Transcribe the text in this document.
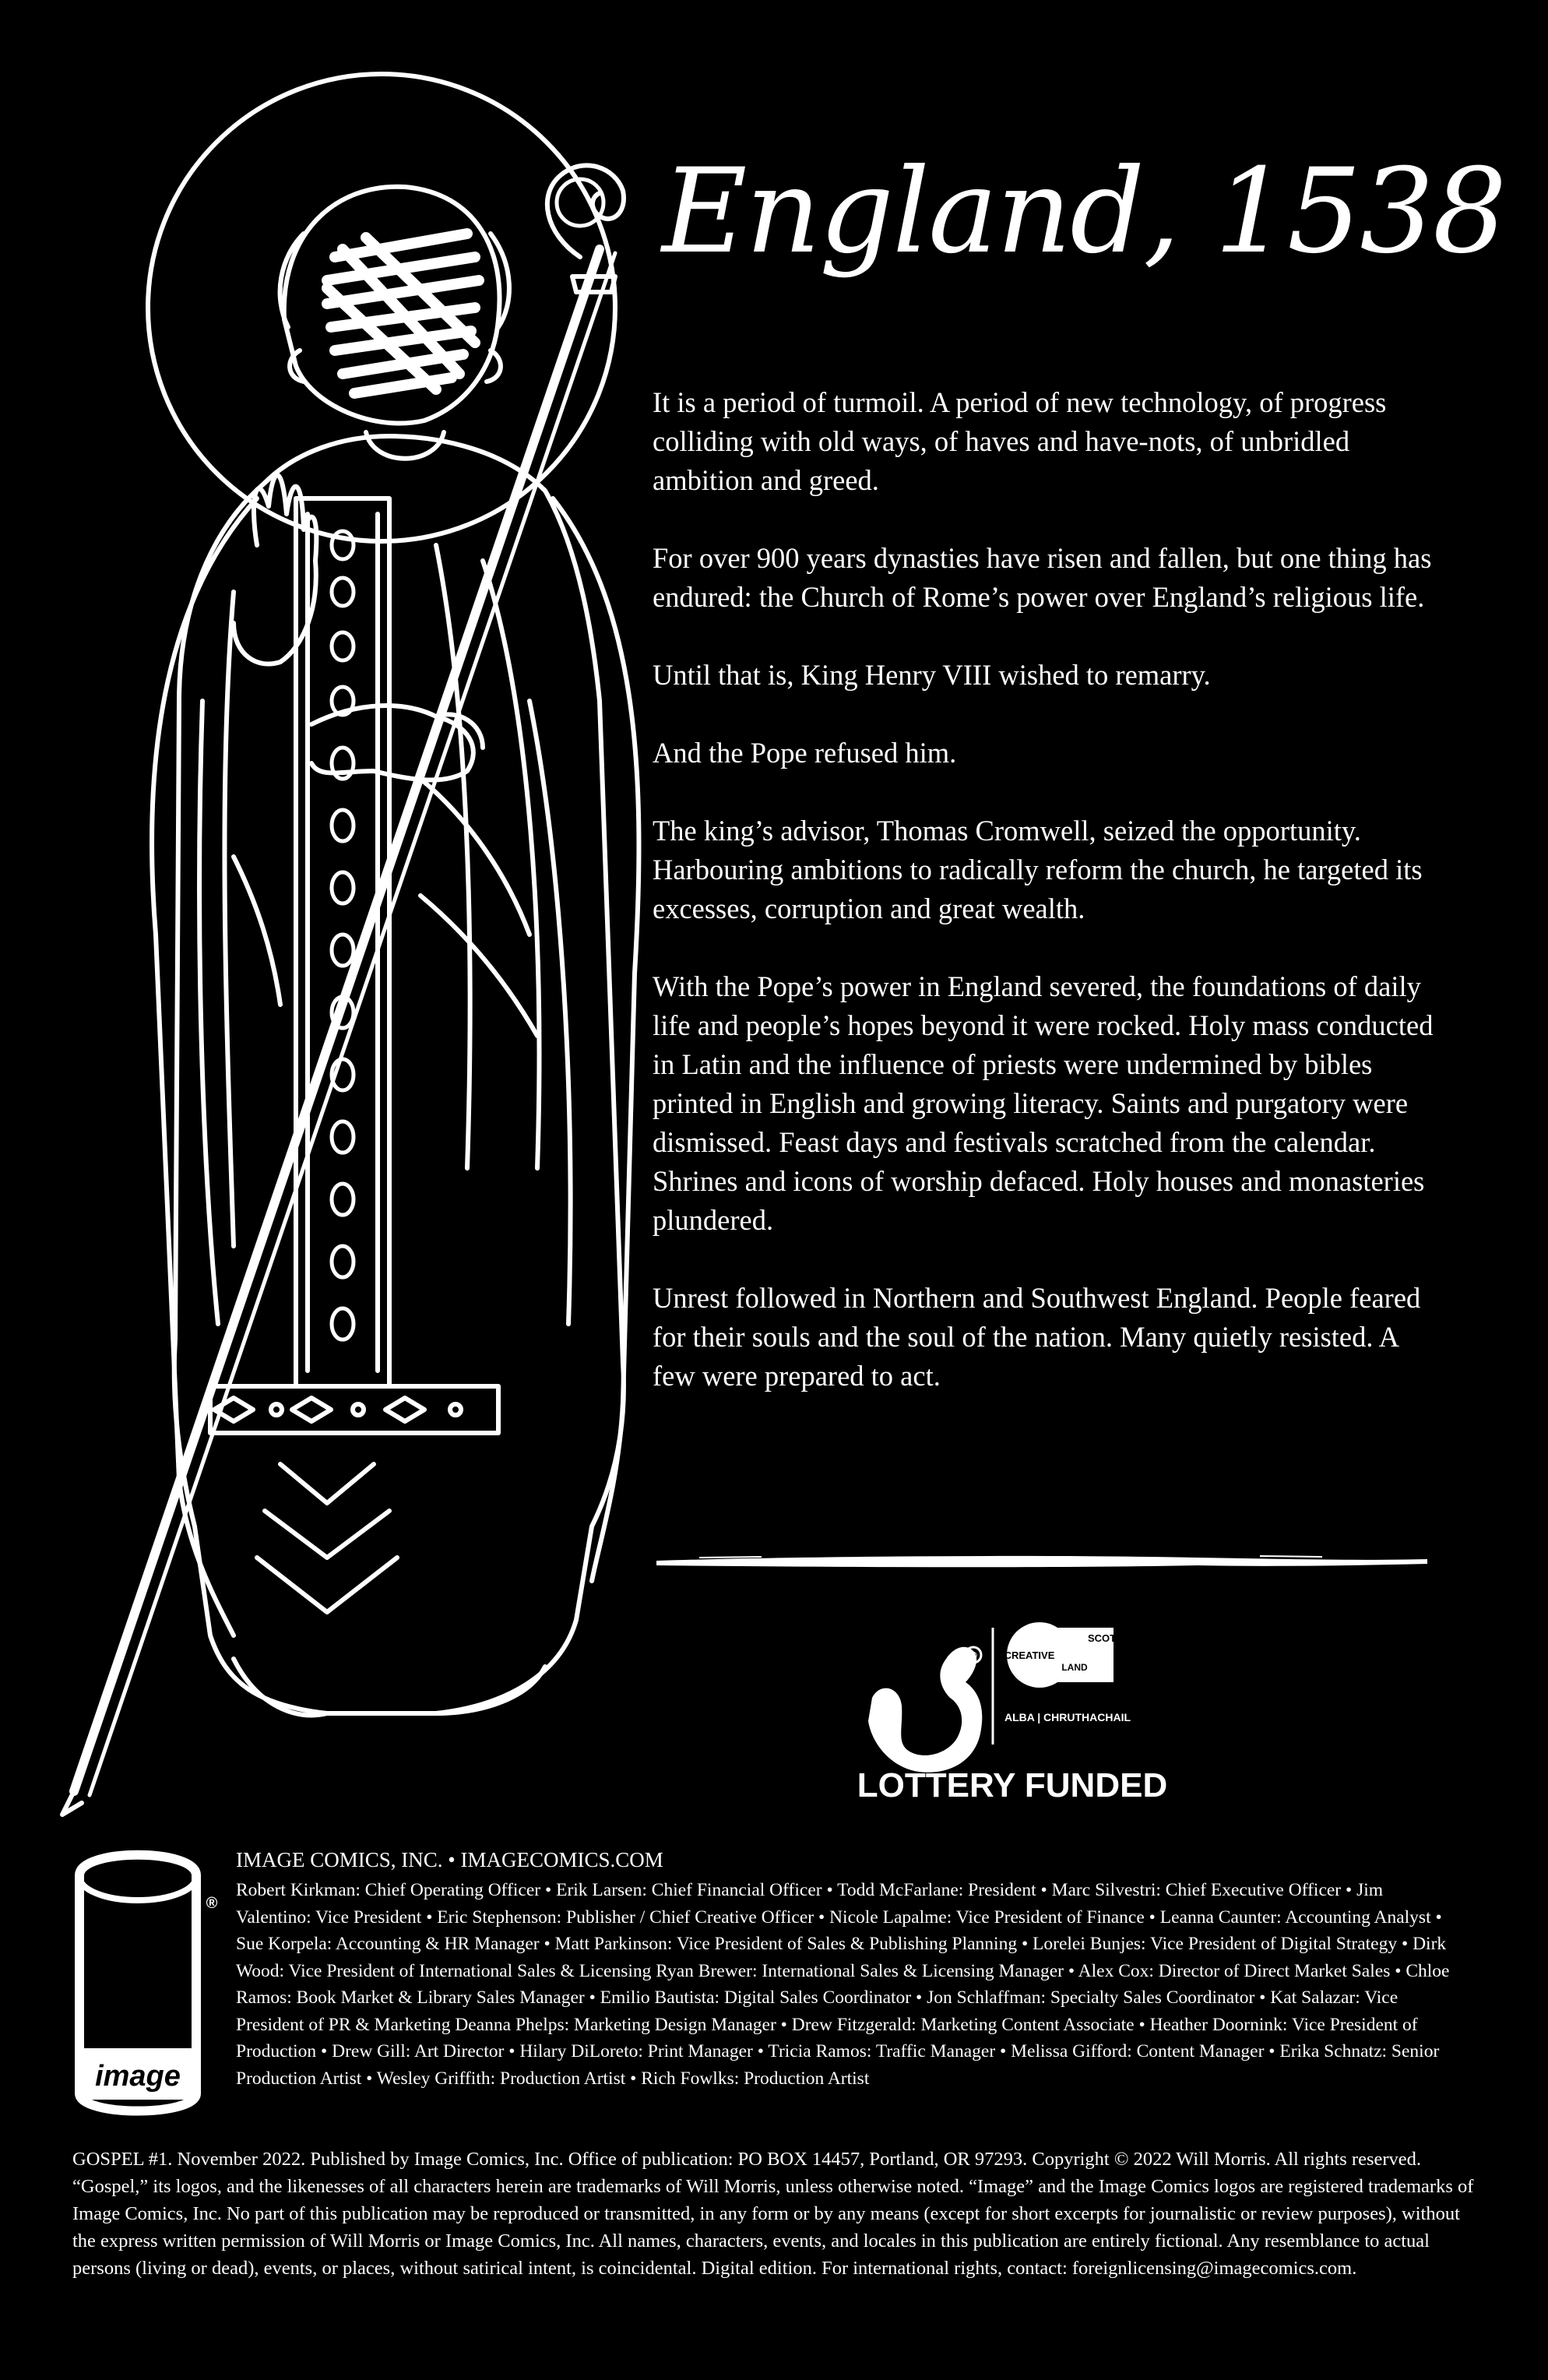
England, 1538

It is a period of turmoil. A period of new technology, of progress colliding with old ways, of haves and have-nots, of unbridled ambition and greed.

For over 900 years dynasties have risen and fallen, but one thing has endured: the Church of Rome’s power over England’s religious life.

Until that is, King Henry VIII wished to remarry.

And the Pope refused him.

The king’s advisor, Thomas Cromwell, seized the opportunity. Harbouring ambitions to radically reform the church, he targeted its excesses, corruption and great wealth.

With the Pope’s power in England severed, the foundations of daily life and people’s hopes beyond it were rocked. Holy mass conducted in Latin and the influence of priests were undermined by bibles printed in English and growing literacy. Saints and purgatory were dismissed. Feast days and festivals scratched from the calendar. Shrines and icons of worship defaced. Holy houses and monasteries plundered.

Unrest followed in Northern and Southwest England. People feared for their souls and the soul of the nation. Many quietly resisted. A few were prepared to act.

®	CREATIVE
SCOT
LAND
ALBA | CHRUTHACHAIL
LOTTERY FUNDED
image
®
IMAGE COMICS, INC. • IMAGECOMICS.COM
Robert Kirkman: Chief Operating Officer • Erik Larsen: Chief Financial Officer • Todd McFarlane: President • Marc Silvestri: Chief Executive Officer • Jim Valentino: Vice President • Eric Stephenson: Publisher / Chief Creative Officer • Nicole Lapalme: Vice President of Finance • Leanna Caunter: Accounting Analyst • Sue Korpela: Accounting & HR Manager • Matt Parkinson: Vice President of Sales & Publishing Planning • Lorelei Bunjes: Vice President of Digital Strategy • Dirk Wood: Vice President of International Sales & Licensing Ryan Brewer: International Sales & Licensing Manager • Alex Cox: Director of Direct Market Sales • Chloe Ramos: Book Market & Library Sales Manager • Emilio Bautista: Digital Sales Coordinator • Jon Schlaffman: Specialty Sales Coordinator • Kat Salazar: Vice President of PR & Marketing Deanna Phelps: Marketing Design Manager • Drew Fitzgerald: Marketing Content Associate • Heather Doornink: Vice President of Production • Drew Gill: Art Director • Hilary DiLoreto: Print Manager • Tricia Ramos: Traffic Manager • Melissa Gifford: Content Manager • Erika Schnatz: Senior Production Artist • Wesley Griffith: Production Artist • Rich Fowlks: Production Artist
GOSPEL #1. November 2022. Published by Image Comics, Inc. Office of publication: PO BOX 14457, Portland, OR 97293. Copyright © 2022 Will Morris. All rights reserved. “Gospel,” its logos, and the likenesses of all characters herein are trademarks of Will Morris, unless otherwise noted. “Image” and the Image Comics logos are registered trademarks of Image Comics, Inc. No part of this publication may be reproduced or transmitted, in any form or by any means (except for short excerpts for journalistic or review purposes), without the express written permission of Will Morris or Image Comics, Inc. All names, characters, events, and locales in this publication are entirely fictional. Any resemblance to actual persons (living or dead), events, or places, without satirical intent, is coincidental. Digital edition. For international rights, contact: foreignlicensing@imagecomics.com.
